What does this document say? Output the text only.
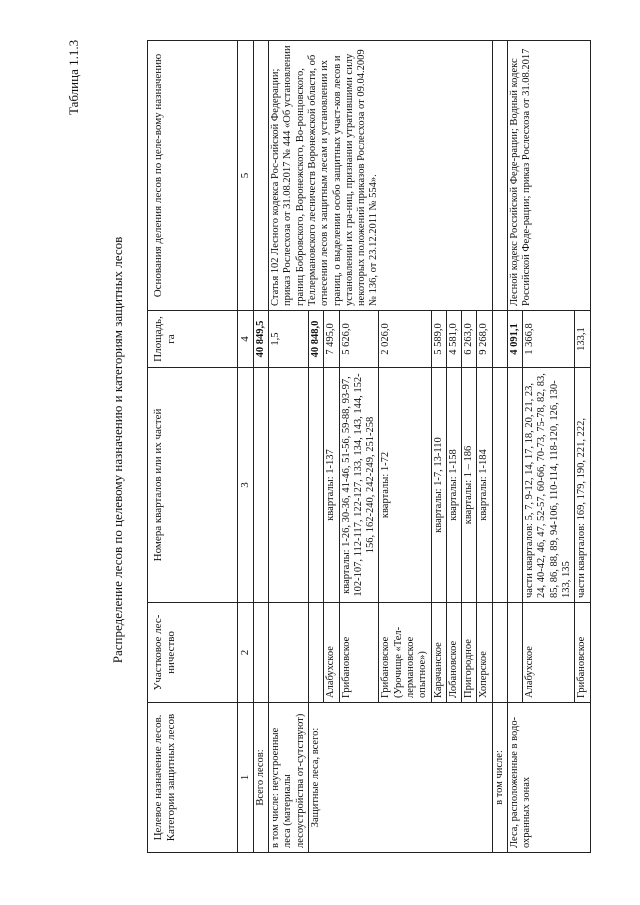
Таблица 1.1.3
Распределение лесов по целевому назначению и категориям защитных лесов
Целевое назначение лесов. Категории защитных лесов	Участковое лес-ничество	Номера кварталов или их частей	Площадь, га	Основания деления лесов по целе-вому назначению
1	2	3	4	5
Всего лесов:			40 849,5	
в том числе: неустроенные леса (материалы лесоустройства от-сутствуют)			1,5	Статья 102 Лесного кодекса Рос-сийской Федерации; приказ Рослесхоза от 31.08.2017 № 444 «Об установлении границ Бобровского, Воронежского, Во-ронцовского, Теллермановского лесничеств Воронежской области, об отнесении лесов к защитным лесам и установлении их границ, о выделении особо защитных участ-ков лесов и установлении их гра-ниц, признании утратившими силу некоторых положений приказов Рослесхоза от 09.04.2009 № 136, от 23.12.2011 № 554».
Защитные леса, всего:			40 848,0	
	Алабухское	кварталы: 1-137	7 495,0	
	Грибановское	кварталы: 1-26, 30-36, 41-46, 51-56, 59-88, 93-97, 102-107, 112-117, 122-127, 133, 134, 143, 144, 152-156, 162-240, 242-249, 251-258	5 626,0	
	Грибановское (Урочище «Тел-лермановское опытное»)	кварталы: 1-72	2 026,0	
	Карачанское	кварталы: 1-7, 13-110	5 589,0	
	Лобановское	кварталы: 1-158	4 581,0	
	Пригородное	кварталы: 1 – 186	6 263,0	
	Хоперское	кварталы: 1-184	9 268,0	
в том числе:				
Леса, расположенные в водо-охранных зонах			4 091,1	Лесной кодекс Российской Феде-рации; Водный кодекс Российской Феде-рации; приказ Рослесхоза от 31.08.2017
	Алабухское	части кварталов: 5, 7, 9-12, 14, 17, 18, 20, 21, 23, 24, 40-42, 46, 47, 52-57, 60-66, 70-73, 75-78, 82, 83, 85, 86, 88, 89, 94-106, 110-114, 118-120, 126, 130-133, 135	1 366,8	
	Грибановское	части кварталов: 169, 179, 190, 221, 222,	133,1	
